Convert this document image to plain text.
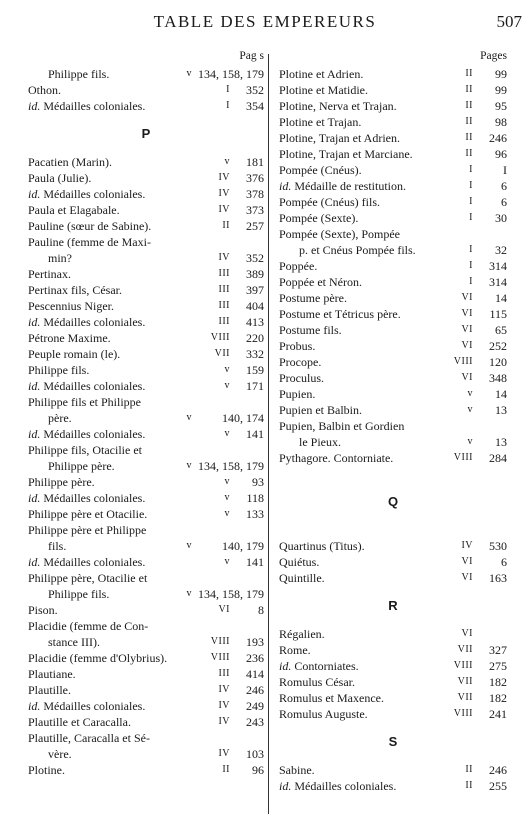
TABLE DES EMPEREURS	507
Pag s
Philippe fils.	v 134, 158, 179
Othon.	I	352
id. Médailles coloniales.	I	354
P
Pacatien (Marin).	v	181
Paula (Julie).	IV	376
id. Médailles coloniales.	IV	378
Paula et Elagabale.	IV	373
Pauline (sœur de Sabine).	II	257
Pauline (femme de Maxi-
min?	IV	352
Pertinax.	III	389
Pertinax fils, César.	III	397
Pescennius Niger.	III	404
id. Médailles coloniales.	III	413
Pétrone Maxime.	VIII	220
Peuple romain (le).	VII	332
Philippe fils.	v	159
id. Médailles coloniales.	v	171
Philippe fils et Philippe
père.	v	140, 174
id. Médailles coloniales.	v	141
Philippe fils, Otacilie et
Philippe père.	v 134, 158, 179
Philippe père.	v	93
id. Médailles coloniales.	v	118
Philippe père et Otacilie.	v	133
Philippe père et Philippe
fils.	v	140, 179
id. Médailles coloniales.	v	141
Philippe père, Otacilie et
Philippe fils.	v 134, 158, 179
Pison.	VI	8
Placidie (femme de Con-
stance III).	VIII	193
Placidie (femme d'Olybrius).	VIII	236
Plautiane.	III	414
Plautille.	IV	246
id. Médailles coloniales.	IV	249
Plautille et Caracalla.	IV	243
Plautille, Caracalla et Sé-
vère.	IV	103
Plotine.	II	96
Pages
Plotine et Adrien.	II	99
Plotine et Matidie.	II	99
Plotine, Nerva et Trajan.	II	95
Plotine et Trajan.	II	98
Plotine, Trajan et Adrien.	II	246
Plotine, Trajan et Marciane.	II	96
Pompée (Cnéus).	I	I
id. Médaille de restitution.	I	6
Pompée (Cnéus) fils.	I	6
Pompée (Sexte).	I	30
Pompée (Sexte), Pompée
p. et Cnéus Pompée fils.	I	32
Poppée.	I	314
Poppée et Néron.	I	314
Postume père.	VI	14
Postume et Tétricus père.	VI	115
Postume fils.	VI	65
Probus.	VI	252
Procope.	VIII	120
Proculus.	VI	348
Pupien.	v	14
Pupien et Balbin.	v	13
Pupien, Balbin et Gordien
le Pieux.	v	13
Pythagore. Contorniate.	VIII	284
Q
Quartinus (Titus).	IV	530
Quiétus.	VI	6
Quintille.	VI	163
R
Régalien.	VI
Rome.	VII	327
id. Contorniates.	VIII	275
Romulus César.	VII	182
Romulus et Maxence.	VII	182
Romulus Auguste.	VIII	241
S
Sabine.	II	246
id. Médailles coloniales.	II	255
